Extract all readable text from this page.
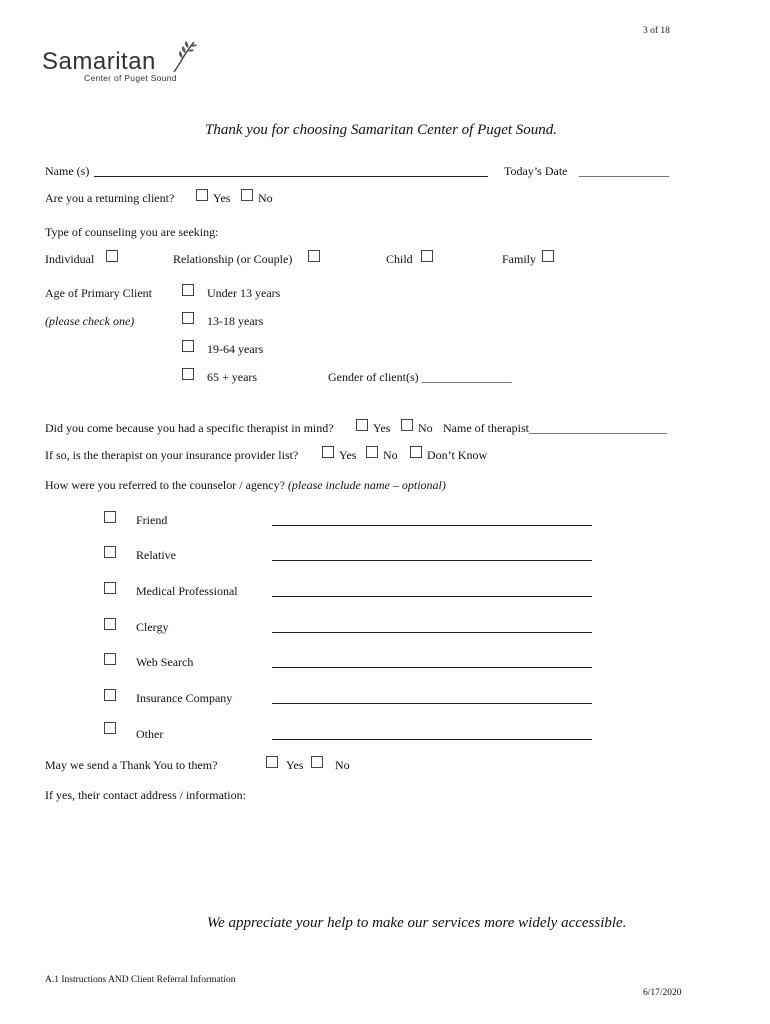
3 of 18
Samaritan
Center of Puget Sound
Thank you for choosing Samaritan Center of Puget Sound.
Name (s)	Today’s Date _______________
Are you a returning client?	Yes No
Type of counseling you are seeking:
Individual	Relationship (or Couple)	Child	Family
Age of Primary Client
(please check one)
Under 13 years
13-18 years
19-64 years
65 + years	Gender of client(s) _______________
Did you come because you had a specific therapist in mind?	Yes No Name of therapist_______________________
If so, is the therapist on your insurance provider list?	Yes No Don’t Know
How were you referred to the counselor / agency? (please include name – optional)
Friend
Relative
Medical Professional
Clergy
Web Search
Insurance Company
Other
May we send a Thank You to them?	Yes	No
If yes, their contact address / information:
We appreciate your help to make our services more widely accessible.
A.1 Instructions AND Client Referral Information
6/17/2020
